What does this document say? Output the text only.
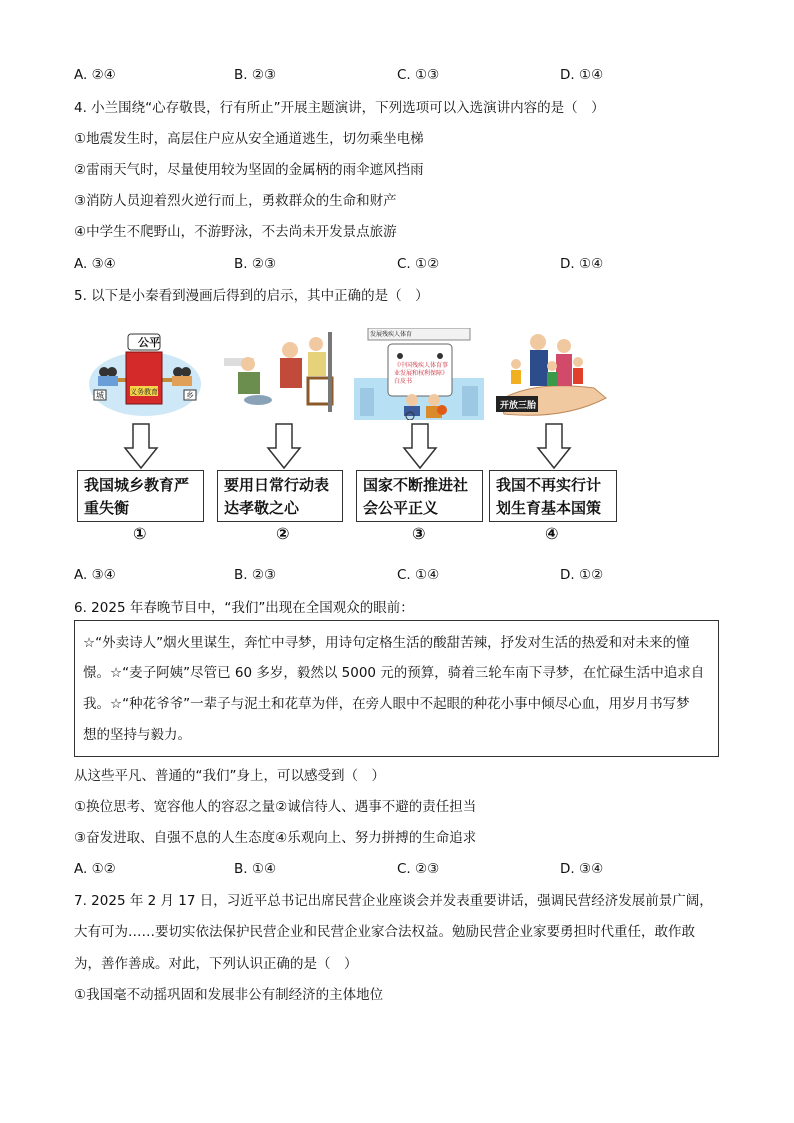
A. ②④	B. ②③	C. ①③	D. ①④
4. 小兰围绕“心存敬畏，行有所止”开展主题演讲，下列选项可以入选演讲内容的是（　）
①地震发生时，高层住户应从安全通道逃生，切勿乘坐电梯
②雷雨天气时，尽量使用较为坚固的金属柄的雨伞遮风挡雨
③消防人员迎着烈火逆行而上，勇救群众的生命和财产
④中学生不爬野山，不游野泳，不去尚未开发景点旅游
A. ③④	B. ②③	C. ①②	D. ①④
5. 以下是小秦看到漫画后得到的启示，其中正确的是（　）
公平
义务教育
城	乡
发展残疾人体育
《中国残疾人体育事业发展和权利保障》白皮书
开放三胎
我国城乡教育严重失衡
要用日常行动表达孝敬之心
国家不断推进社会公平正义
我国不再实行计划生育基本国策
①	②	③	④
A. ③④	B. ②③	C. ①④	D. ①②
6. 2025 年春晚节目中，“我们”出现在全国观众的眼前：
☆“外卖诗人”烟火里谋生，奔忙中寻梦，用诗句定格生活的酸甜苦辣，抒发对生活的热爱和对未来的憧
憬。☆“麦子阿姨”尽管已 60 多岁，毅然以 5000 元的预算，骑着三轮车南下寻梦，在忙碌生活中追求自
我。☆“种花爷爷”一辈子与泥土和花草为伴，在旁人眼中不起眼的种花小事中倾尽心血，用岁月书写梦
想的坚持与毅力。
从这些平凡、普通的“我们”身上，可以感受到（　）
①换位思考、宽容他人的容忍之量②诚信待人、遇事不避的责任担当
③奋发进取、自强不息的人生态度④乐观向上、努力拼搏的生命追求
A. ①②	B. ①④	C. ②③	D. ③④
7. 2025 年 2 月 17 日，习近平总书记出席民营企业座谈会并发表重要讲话，强调民营经济发展前景广阔，
大有可为……要切实依法保护民营企业和民营企业家合法权益。勉励民营企业家要勇担时代重任，敢作敢
为，善作善成。对此，下列认识正确的是（　）
①我国毫不动摇巩固和发展非公有制经济的主体地位
